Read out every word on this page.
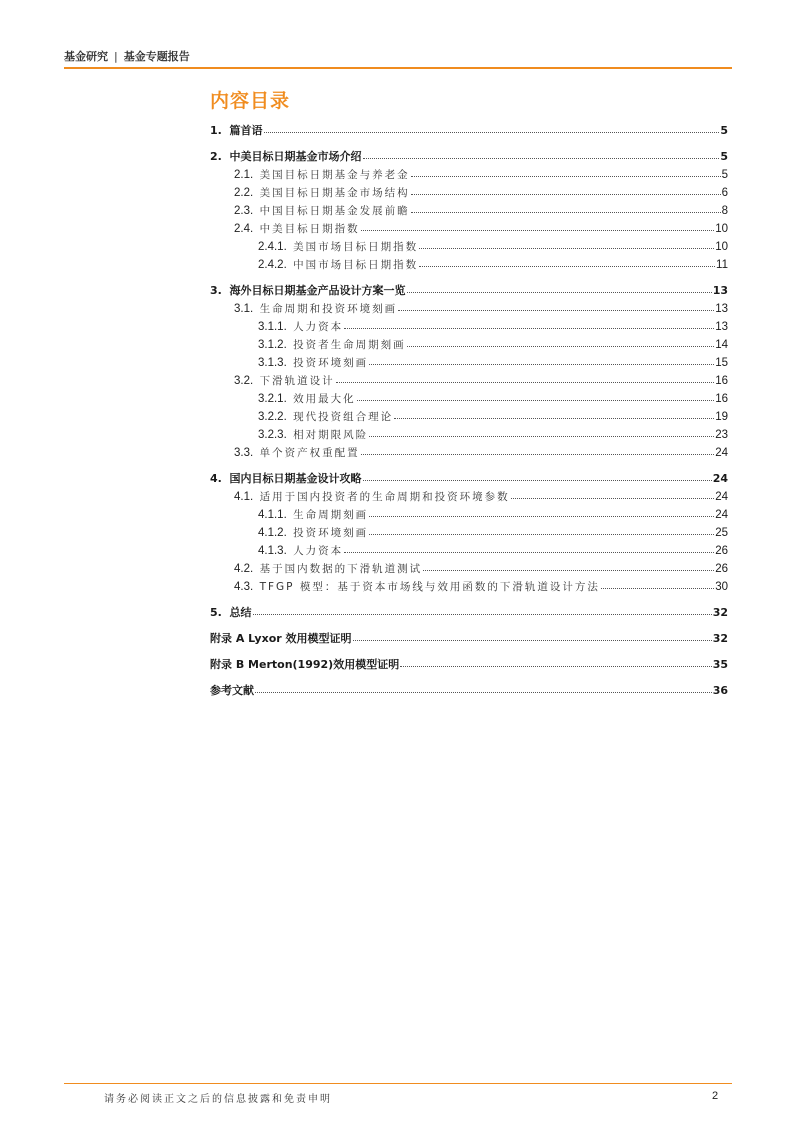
基金研究 | 基金专题报告
内容目录
1. 篇首语	5
2. 中美目标日期基金市场介绍	5
2.1. 美国目标日期基金与养老金	5
2.2. 美国目标日期基金市场结构	6
2.3. 中国目标日期基金发展前瞻	8
2.4. 中美目标日期指数	10
2.4.1. 美国市场目标日期指数	10
2.4.2. 中国市场目标日期指数	11
3. 海外目标日期基金产品设计方案一览	13
3.1. 生命周期和投资环境刻画	13
3.1.1. 人力资本	13
3.1.2. 投资者生命周期刻画	14
3.1.3. 投资环境刻画	15
3.2. 下滑轨道设计	16
3.2.1. 效用最大化	16
3.2.2. 现代投资组合理论	19
3.2.3. 相对期限风险	23
3.3. 单个资产权重配置	24
4. 国内目标日期基金设计攻略	24
4.1. 适用于国内投资者的生命周期和投资环境参数	24
4.1.1. 生命周期刻画	24
4.1.2. 投资环境刻画	25
4.1.3. 人力资本	26
4.2. 基于国内数据的下滑轨道测试	26
4.3. TFGP 模型：基于资本市场线与效用函数的下滑轨道设计方法	30
5. 总结	32
附录 A Lyxor 效用模型证明	32
附录 B Merton(1992)效用模型证明	35
参考文献	36
请务必阅读正文之后的信息披露和免责申明	2
